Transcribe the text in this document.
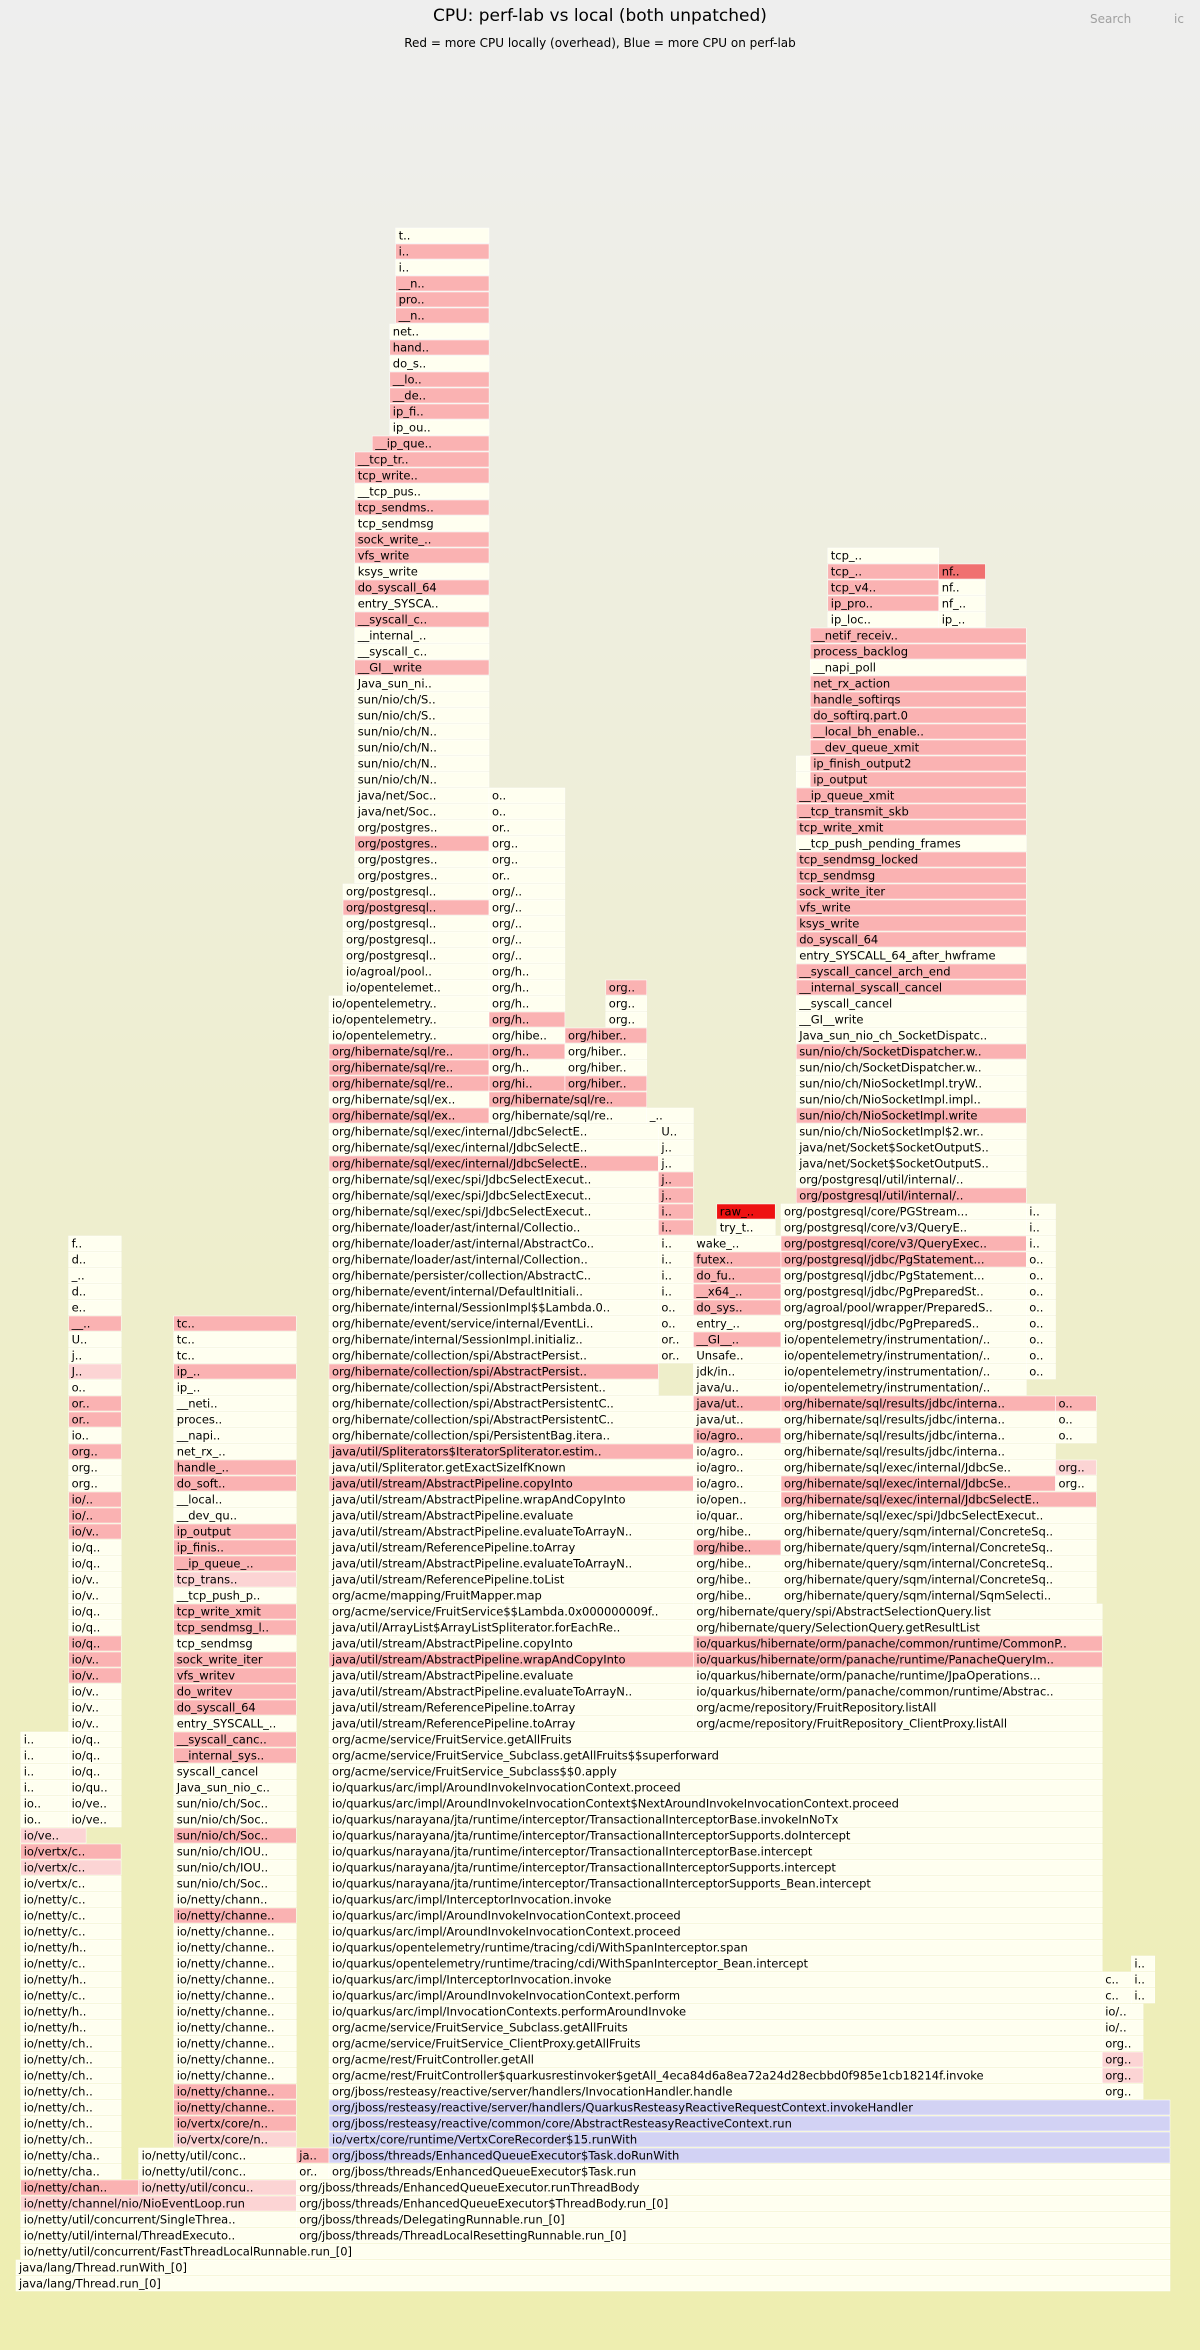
CPU: perf-lab vs local (both unpatched)
Red = more CPU locally (overhead), Blue = more CPU on perf-lab
Search	ic
java/lang/Thread.run_[0]
java/lang/Thread.runWith_[0]
io/netty/util/concurrent/FastThreadLocalRunnable.run_[0]
io/netty/util/internal/ThreadExecuto..	org/jboss/threads/ThreadLocalResettingRunnable.run_[0]
io/netty/util/concurrent/SingleThrea..	org/jboss/threads/DelegatingRunnable.run_[0]
io/netty/channel/nio/NioEventLoop.run	org/jboss/threads/EnhancedQueueExecutor$ThreadBody.run_[0]
io/netty/chan..	io/netty/util/concu..	org/jboss/threads/EnhancedQueueExecutor.runThreadBody
io/netty/cha..	io/netty/util/conc..	or.. org/jboss/threads/EnhancedQueueExecutor$Task.run
io/netty/cha..	io/netty/util/conc..	ja.. org/jboss/threads/EnhancedQueueExecutor$Task.doRunWith
io/netty/ch..	io/vertx/core/n..	io/vertx/core/runtime/VertxCoreRecorder$15.runWith
io/netty/ch..	io/vertx/core/n..	org/jboss/resteasy/reactive/common/core/AbstractResteasyReactiveContext.run
io/netty/ch..	io/netty/channe..	org/jboss/resteasy/reactive/server/handlers/QuarkusResteasyReactiveRequestContext.invokeHandler
io/netty/ch..	io/netty/channe..	org/jboss/resteasy/reactive/server/handlers/InvocationHandler.handle	org..
io/netty/ch..	io/netty/channe..	org/acme/rest/FruitController$quarkusrestinvoker$getAll_4eca84d6a8ea72a24d28ecbbd0f985e1cb18214f.invoke	org..
io/netty/ch..	io/netty/channe..	org/acme/rest/FruitController.getAll	org..
io/netty/ch..	io/netty/channe..	org/acme/service/FruitService_ClientProxy.getAllFruits	org..
io/netty/h..	io/netty/channe..	org/acme/service/FruitService_Subclass.getAllFruits	io/..
io/netty/h..	io/netty/channe..	io/quarkus/arc/impl/InvocationContexts.performAroundInvoke	io/..
io/netty/c..	io/netty/channe..	io/quarkus/arc/impl/AroundInvokeInvocationContext.perform	c.. i..
io/netty/h..	io/netty/channe..	io/quarkus/arc/impl/InterceptorInvocation.invoke	c.. i..
io/netty/c..	io/netty/channe..	io/quarkus/opentelemetry/runtime/tracing/cdi/WithSpanInterceptor_Bean.intercept	i..
io/netty/h..	io/netty/channe..	io/quarkus/opentelemetry/runtime/tracing/cdi/WithSpanInterceptor.span
io/netty/c..	io/netty/channe..	io/quarkus/arc/impl/AroundInvokeInvocationContext.proceed
io/netty/c..	io/netty/channe..	io/quarkus/arc/impl/AroundInvokeInvocationContext.proceed
io/netty/c..	io/netty/chann..	io/quarkus/arc/impl/InterceptorInvocation.invoke
io/vertx/c..	sun/nio/ch/Soc..	io/quarkus/narayana/jta/runtime/interceptor/TransactionalInterceptorSupports_Bean.intercept
io/vertx/c..	sun/nio/ch/IOU..	io/quarkus/narayana/jta/runtime/interceptor/TransactionalInterceptorSupports.intercept
io/vertx/c..	sun/nio/ch/IOU..	io/quarkus/narayana/jta/runtime/interceptor/TransactionalInterceptorBase.intercept
io/ve..	sun/nio/ch/Soc..	io/quarkus/narayana/jta/runtime/interceptor/TransactionalInterceptorSupports.doIntercept
io..	io/ve..	sun/nio/ch/Soc..	io/quarkus/narayana/jta/runtime/interceptor/TransactionalInterceptorBase.invokeInNoTx
io..	io/ve..	sun/nio/ch/Soc..	io/quarkus/arc/impl/AroundInvokeInvocationContext$NextAroundInvokeInvocationContext.proceed
i..	io/qu..	Java_sun_nio_c..	io/quarkus/arc/impl/AroundInvokeInvocationContext.proceed
i..	io/q..	syscall_cancel	org/acme/service/FruitService_Subclass$$0.apply
i..	io/q..	__internal_sys..	org/acme/service/FruitService_Subclass.getAllFruits$$superforward
i..	io/q..	__syscall_canc..	org/acme/service/FruitService.getAllFruits
io/v..	entry_SYSCALL_..	java/util/stream/ReferencePipeline.toArray	org/acme/repository/FruitRepository_ClientProxy.listAll
io/v..	do_syscall_64	java/util/stream/ReferencePipeline.toArray	org/acme/repository/FruitRepository.listAll
io/v..	do_writev	java/util/stream/AbstractPipeline.evaluateToArrayN..	io/quarkus/hibernate/orm/panache/common/runtime/Abstrac..
io/v..	vfs_writev	java/util/stream/AbstractPipeline.evaluate	io/quarkus/hibernate/orm/panache/runtime/JpaOperations...
io/v..	sock_write_iter	java/util/stream/AbstractPipeline.wrapAndCopyInto	io/quarkus/hibernate/orm/panache/runtime/PanacheQueryIm..
io/q..	tcp_sendmsg	java/util/stream/AbstractPipeline.copyInto	io/quarkus/hibernate/orm/panache/common/runtime/CommonP..
io/q..	tcp_sendmsg_l..	java/util/ArrayList$ArrayListSpliterator.forEachRe..	org/hibernate/query/SelectionQuery.getResultList
io/q..	tcp_write_xmit	org/acme/service/FruitService$$Lambda.0x000000009f..	org/hibernate/query/spi/AbstractSelectionQuery.list
io/v..	__tcp_push_p..	org/acme/mapping/FruitMapper.map	org/hibe..	org/hibernate/query/sqm/internal/SqmSelecti..
io/v..	tcp_trans..	java/util/stream/ReferencePipeline.toList	org/hibe..	org/hibernate/query/sqm/internal/ConcreteSq..
io/q..	__ip_queue_..	java/util/stream/AbstractPipeline.evaluateToArrayN..	org/hibe..	org/hibernate/query/sqm/internal/ConcreteSq..
io/q..	ip_finis..	java/util/stream/ReferencePipeline.toArray	org/hibe..	org/hibernate/query/sqm/internal/ConcreteSq..
io/v..	ip_output	java/util/stream/AbstractPipeline.evaluateToArrayN..	org/hibe..	org/hibernate/query/sqm/internal/ConcreteSq..
io/..	__dev_qu..	java/util/stream/AbstractPipeline.evaluate	io/quar..	org/hibernate/sql/exec/spi/JdbcSelectExecut..
io/..	__local..	java/util/stream/AbstractPipeline.wrapAndCopyInto	io/open..	org/hibernate/sql/exec/internal/JdbcSelectE..
org..	do_soft..	java/util/stream/AbstractPipeline.copyInto	io/agro..	org/hibernate/sql/exec/internal/JdbcSe..	org..
org..	handle_..	java/util/Spliterator.getExactSizeIfKnown	io/agro..	org/hibernate/sql/exec/internal/JdbcSe..	org..
org..	net_rx_..	java/util/Spliterators$IteratorSpliterator.estim..	io/agro..	org/hibernate/sql/results/jdbc/interna..
io..	__napi..	org/hibernate/collection/spi/PersistentBag.itera..	io/agro..	org/hibernate/sql/results/jdbc/interna..	o..
or..	proces..	org/hibernate/collection/spi/AbstractPersistentC..	java/ut..	org/hibernate/sql/results/jdbc/interna..	o..
or..	__neti..	org/hibernate/collection/spi/AbstractPersistentC..	java/ut..	org/hibernate/sql/results/jdbc/interna..	o..
o..	ip_..	org/hibernate/collection/spi/AbstractPersistent..	java/u..	io/opentelemetry/instrumentation/..
J..	ip_..	org/hibernate/collection/spi/AbstractPersist..	jdk/in..	io/opentelemetry/instrumentation/..	o..
j..	tc..	org/hibernate/collection/spi/AbstractPersist..	or.. Unsafe..	io/opentelemetry/instrumentation/..	o..
U..	tc..	org/hibernate/internal/SessionImpl.initializ..	or.. __GI__..	io/opentelemetry/instrumentation/..	o..
__..	tc..	org/hibernate/event/service/internal/EventLi..	o.. entry_..	org/postgresql/jdbc/PgPreparedS..	o..
e..	org/hibernate/internal/SessionImpl$$Lambda.0..	o.. do_sys..	org/agroal/pool/wrapper/PreparedS..	o..
d..	org/hibernate/event/internal/DefaultInitiali..	i.. __x64_..	org/postgresql/jdbc/PgPreparedSt..	o..
_..	org/hibernate/persister/collection/AbstractC..	i.. do_fu..	org/postgresql/jdbc/PgStatement...	o..
d..	org/hibernate/loader/ast/internal/Collection..	i.. futex..	org/postgresql/jdbc/PgStatement...	o..
f..	org/hibernate/loader/ast/internal/AbstractCo..	i.. wake_..	org/postgresql/core/v3/QueryExec..	i..
org/hibernate/loader/ast/internal/Collectio..	i..	try_t..	org/postgresql/core/v3/QueryE..	i..
org/hibernate/sql/exec/spi/JdbcSelectExecut..	i..	raw_..	org/postgresql/core/PGStream...	i..
org/hibernate/sql/exec/spi/JdbcSelectExecut..	j..	org/postgresql/util/internal/..
org/hibernate/sql/exec/spi/JdbcSelectExecut..	j..	org/postgresql/util/internal/..
org/hibernate/sql/exec/internal/JdbcSelectE..	j..	java/net/Socket$SocketOutputS..
org/hibernate/sql/exec/internal/JdbcSelectE..	j..	java/net/Socket$SocketOutputS..
org/hibernate/sql/exec/internal/JdbcSelectE..	U..	sun/nio/ch/NioSocketImpl$2.wr..
org/hibernate/sql/ex..	org/hibernate/sql/re..	_..	sun/nio/ch/NioSocketImpl.write
org/hibernate/sql/ex..	org/hibernate/sql/re..	sun/nio/ch/NioSocketImpl.impl..
org/hibernate/sql/re..	org/hi..	org/hiber..	sun/nio/ch/NioSocketImpl.tryW..
org/hibernate/sql/re..	org/h..	org/hiber..	sun/nio/ch/SocketDispatcher.w..
org/hibernate/sql/re..	org/h..	org/hiber..	sun/nio/ch/SocketDispatcher.w..
io/opentelemetry..	org/hibe.. org/hiber..	Java_sun_nio_ch_SocketDispatc..
io/opentelemetry..	org/h..	org..	__GI__write
io/opentelemetry..	org/h..	org..	__syscall_cancel
io/opentelemet..	org/h..	org..	__internal_syscall_cancel
io/agroal/pool..	org/h..	__syscall_cancel_arch_end
org/postgresql..	org/..	entry_SYSCALL_64_after_hwframe
org/postgresql..	org/..	do_syscall_64
org/postgresql..	org/..	ksys_write
org/postgresql..	org/..	vfs_write
org/postgresql..	org/..	sock_write_iter
org/postgres..	or..	tcp_sendmsg
org/postgres..	org..	tcp_sendmsg_locked
org/postgres..	org..	__tcp_push_pending_frames
org/postgres..	or..	tcp_write_xmit
java/net/Soc..	o..	__tcp_transmit_skb
java/net/Soc..	o..	__ip_queue_xmit
sun/nio/ch/N..	ip_output
sun/nio/ch/N..	ip_finish_output2
sun/nio/ch/N..	__dev_queue_xmit
sun/nio/ch/N..	__local_bh_enable..
sun/nio/ch/S..	do_softirq.part.0
sun/nio/ch/S..	handle_softirqs
Java_sun_ni..	net_rx_action
__GI__write	__napi_poll
__syscall_c..	process_backlog
__internal_..	__netif_receiv..
__syscall_c..	ip_loc..	ip_..
entry_SYSCA..	ip_pro..	nf_..
do_syscall_64	tcp_v4..	nf..
ksys_write	tcp_..	nf..
vfs_write	tcp_..
sock_write_..
tcp_sendmsg
tcp_sendms..
__tcp_pus..
tcp_write..
__tcp_tr..
__ip_que..
ip_ou..
ip_fi..
__de..
__lo..
do_s..
hand..
net..
__n..
pro..
__n..
i..
i..
t..
